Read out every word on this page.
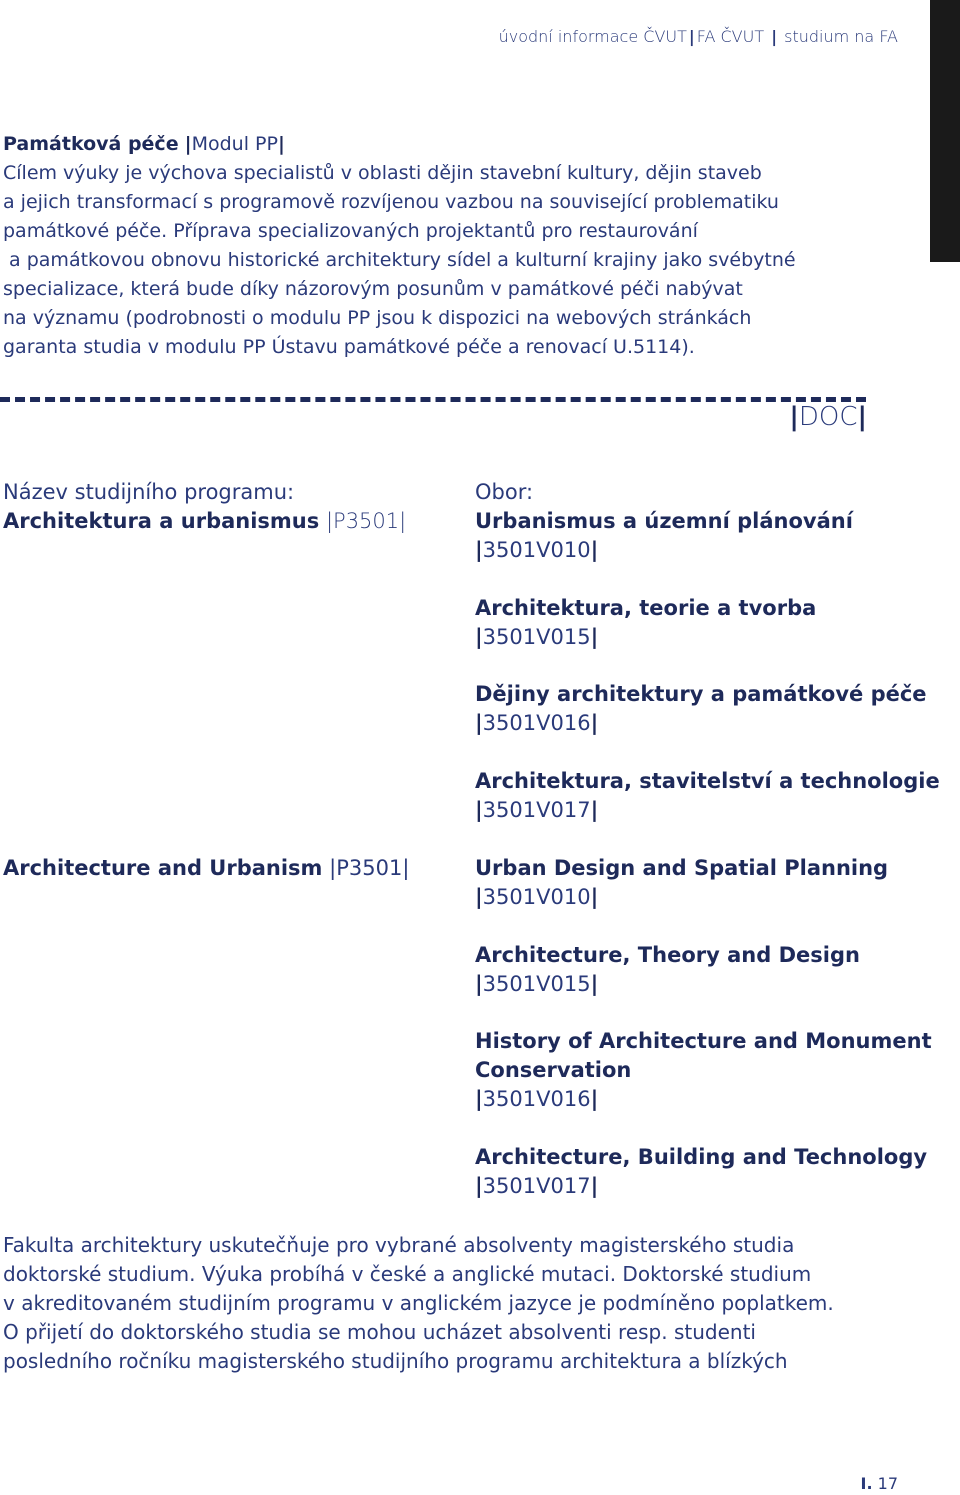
úvodní informace ČVUT | FA ČVUT | studium na FA
Památková péče |Modul PP|
Cílem výuky je výchova specialistů v oblasti dějin stavební kultury, dějin staveb
a jejich transformací s programově rozvíjenou vazbou na související problematiku
památkové péče. Příprava specializovaných projektantů pro restaurování
a památkovou obnovu historické architektury sídel a kulturní krajiny jako svébytné
specializace, která bude díky názorovým posunům v památkové péči nabývat
na významu (podrobnosti o modulu PP jsou k dispozici na webových stránkách
garanta studia v modulu PP Ústavu památkové péče a renovací U.5114).
|DOC|
Název studijního programu:
Architektura a urbanismus |P3501|
Obor:
Urbanismus a územní plánování
|3501V010|
Architektura, teorie a tvorba
|3501V015|
Dějiny architektury a památkové péče
|3501V016|
Architektura, stavitelství a technologie
|3501V017|
Architecture and Urbanism |P3501|	Urban Design and Spatial Planning
|3501V010|
Architecture, Theory and Design
|3501V015|
History of Architecture and Monument
Conservation
|3501V016|
Architecture, Building and Technology
|3501V017|
Fakulta architektury uskutečňuje pro vybrané absolventy magisterského studia
doktorské studium. Výuka probíhá v české a anglické mutaci. Doktorské studium
v akreditovaném studijním programu v anglickém jazyce je podmíněno poplatkem.
O přijetí do doktorského studia se mohou ucházet absolventi resp. studenti
posledního ročníku magisterského studijního programu architektura a blízkých
I. 17
